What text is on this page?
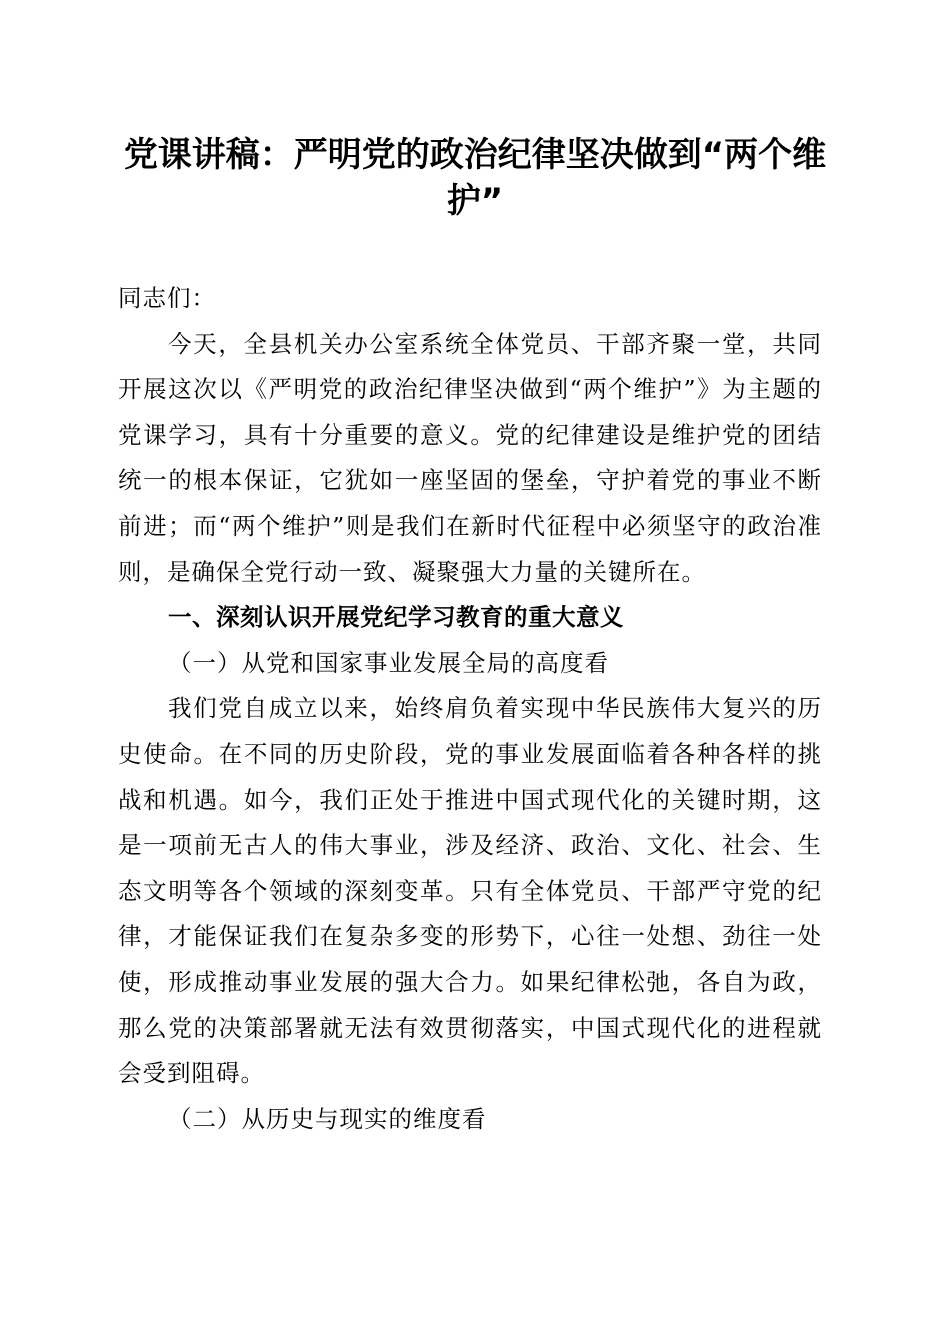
党课讲稿：严明党的政治纪律坚决做到“两个维护”

同志们：

今天，全县机关办公室系统全体党员、干部齐聚一堂，共同开展这次以《严明党的政治纪律坚决做到“两个维护”》为主题的党课学习，具有十分重要的意义。党的纪律建设是维护党的团结统一的根本保证，它犹如一座坚固的堡垒，守护着党的事业不断前进；而“两个维护”则是我们在新时代征程中必须坚守的政治准则，是确保全党行动一致、凝聚强大力量的关键所在。

一、深刻认识开展党纪学习教育的重大意义

（一）从党和国家事业发展全局的高度看

我们党自成立以来，始终肩负着实现中华民族伟大复兴的历史使命。在不同的历史阶段，党的事业发展面临着各种各样的挑战和机遇。如今，我们正处于推进中国式现代化的关键时期，这是一项前无古人的伟大事业，涉及经济、政治、文化、社会、生态文明等各个领域的深刻变革。只有全体党员、干部严守党的纪律，才能保证我们在复杂多变的形势下，心往一处想、劲往一处使，形成推动事业发展的强大合力。如果纪律松弛，各自为政，那么党的决策部署就无法有效贯彻落实，中国式现代化的进程就会受到阻碍。

（二）从历史与现实的维度看
